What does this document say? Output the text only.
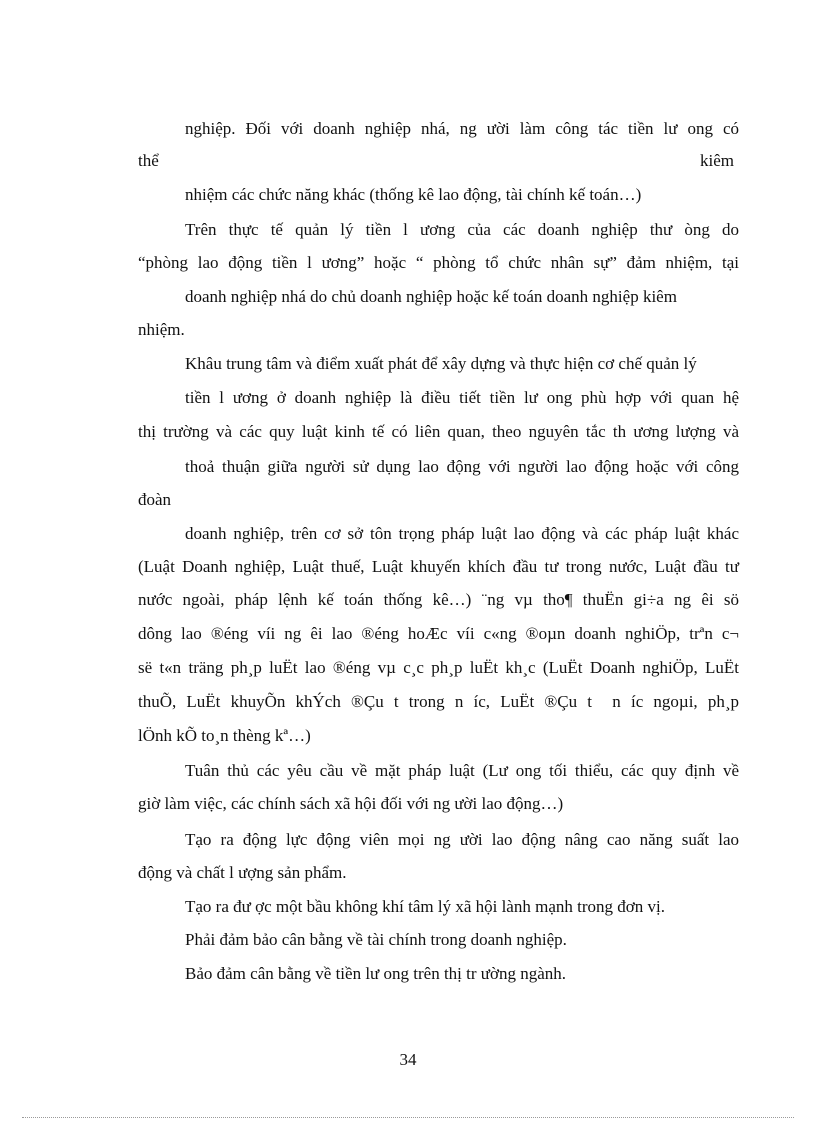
nghiệp. Đối với doanh nghiệp nhá, ng ười làm công tác tiền lư ong có
thể	kiêm
nhiệm các chức năng khác (thống kê lao động, tài chính kế toán…)
Trên thực tế quản lý tiền l ương của các doanh nghiệp thư òng do
“phòng lao động tiền l ương” hoặc “ phòng tổ chức nhân sự” đảm nhiệm, tại
doanh nghiệp nhá do chủ doanh nghiệp hoặc kế toán doanh nghiệp kiêm
nhiệm.
Khâu trung tâm và điểm xuất phát để xây dựng và thực hiện cơ chế quản lý
tiền l ương ở doanh nghiệp là điều tiết tiền lư ong phù hợp với quan hệ
thị trường và các quy luật kinh tế có liên quan, theo nguyên tắc th ương lượng và
thoả thuận giữa người sử dụng lao động với người lao động hoặc với công
đoàn
doanh nghiệp, trên cơ sở tôn trọng pháp luật lao động và các pháp luật khác
(Luật Doanh nghiệp, Luật thuế, Luật khuyến khích đầu tư trong nước, Luật đầu tư
nước ngoài, pháp lệnh kế toán thống kê…) ¨ng vµ tho¶ thuËn gi÷a ng êi sö
dông lao ®éng víi ng êi lao ®éng hoÆc víi c«ng ®oµn doanh nghiÖp, trªn c¬
së t«n träng ph¸p luËt lao ®éng vµ c¸c ph¸p luËt kh¸c (LuËt Doanh nghiÖp, LuËt
thuÕ, LuËt khuyÕn khÝch ®Çu t trong n íc, LuËt ®Çu t n íc ngoµi, ph¸p
lÖnh kÕ to¸n thèng kª…)
Tuân thủ các yêu cầu về mặt pháp luật (Lư ong tối thiểu, các quy định về
giờ làm việc, các chính sách xã hội đối với ng ười lao động…)
Tạo ra động lực động viên mọi ng ười lao động nâng cao năng suất lao
động và chất l ượng sản phẩm.
Tạo ra đư ợc một bầu không khí tâm lý xã hội lành mạnh trong đơn vị.
Phải đảm bảo cân bằng về tài chính trong doanh nghiệp.
Bảo đảm cân bằng về tiền lư ong trên thị tr ường ngành.
34
